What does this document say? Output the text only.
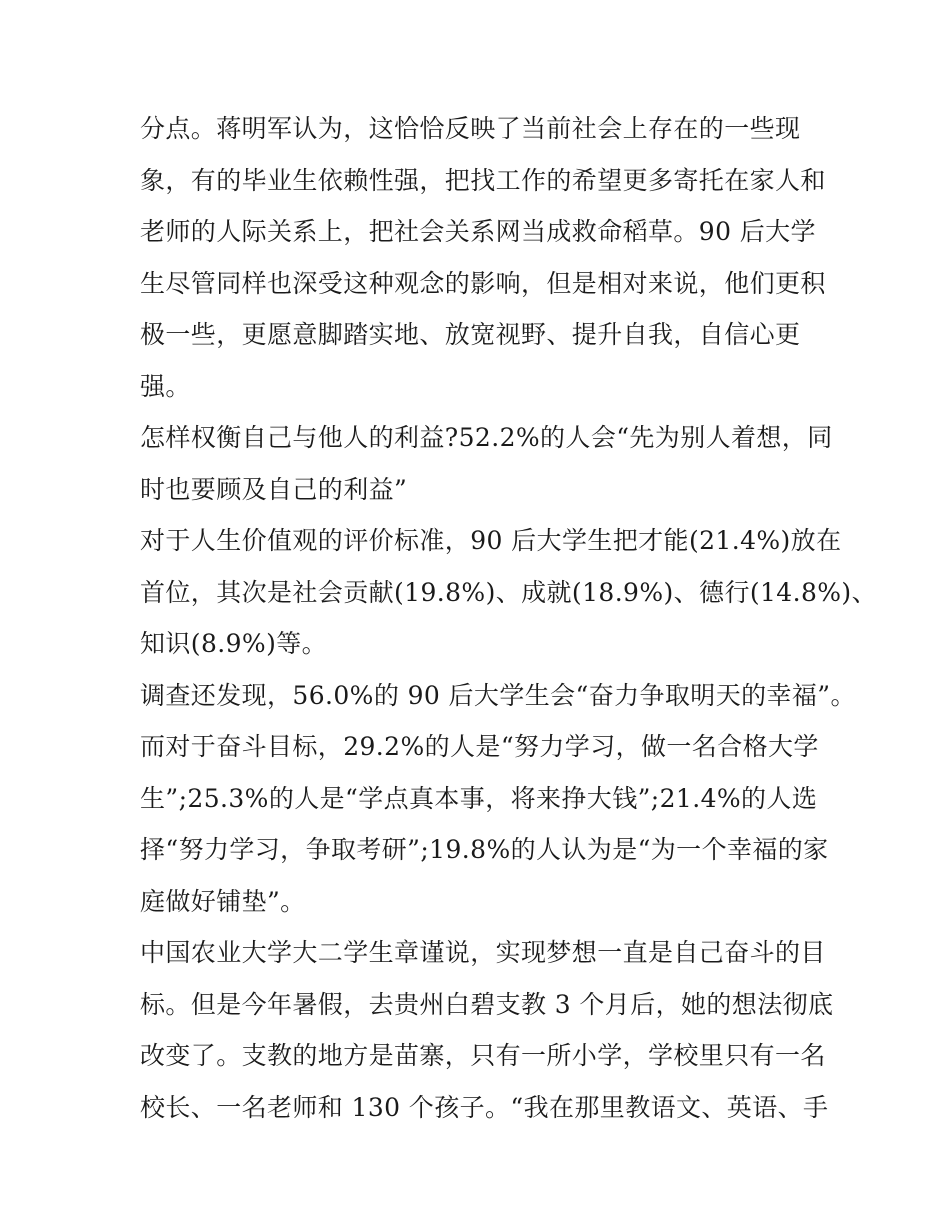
分点。蒋明军认为，这恰恰反映了当前社会上存在的一些现
象，有的毕业生依赖性强，把找工作的希望更多寄托在家人和
老师的人际关系上，把社会关系网当成救命稻草。90 后大学
生尽管同样也深受这种观念的影响，但是相对来说，他们更积
极一些，更愿意脚踏实地、放宽视野、提升自我，自信心更
强。
怎样权衡自己与他人的利益?52.2%的人会“先为别人着想，同
时也要顾及自己的利益”
对于人生价值观的评价标准，90 后大学生把才能(21.4%)放在
首位，其次是社会贡献(19.8%)、成就(18.9%)、德行(14.8%)、
知识(8.9%)等。
调查还发现，56.0%的 90 后大学生会“奋力争取明天的幸福”。
而对于奋斗目标，29.2%的人是“努力学习，做一名合格大学
生”;25.3%的人是“学点真本事，将来挣大钱”;21.4%的人选
择“努力学习，争取考研”;19.8%的人认为是“为一个幸福的家
庭做好铺垫”。
中国农业大学大二学生章谨说，实现梦想一直是自己奋斗的目
标。但是今年暑假，去贵州白碧支教 3 个月后，她的想法彻底
改变了。支教的地方是苗寨，只有一所小学，学校里只有一名
校长、一名老师和 130 个孩子。“我在那里教语文、英语、手
